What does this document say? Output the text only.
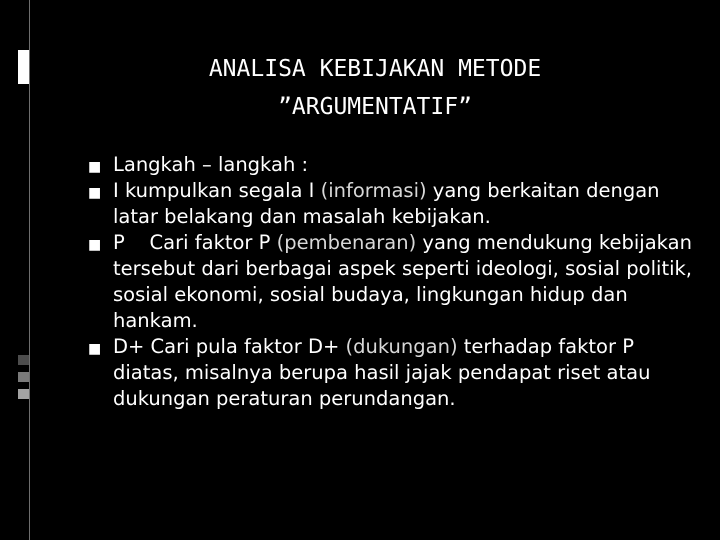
ANALISA KEBIJAKAN METODE
”ARGUMENTATIF”
■ Langkah – langkah :
■ I kumpulkan segala I (informasi) yang berkaitan dengan latar belakang dan masalah kebijakan.
■ P    Cari faktor P (pembenaran) yang mendukung kebijakan tersebut dari berbagai aspek seperti ideologi, sosial politik, sosial ekonomi, sosial budaya, lingkungan hidup dan hankam.
■ D+ Cari pula faktor D+ (dukungan) terhadap faktor P diatas, misalnya berupa hasil jajak pendapat riset atau dukungan peraturan perundangan.
